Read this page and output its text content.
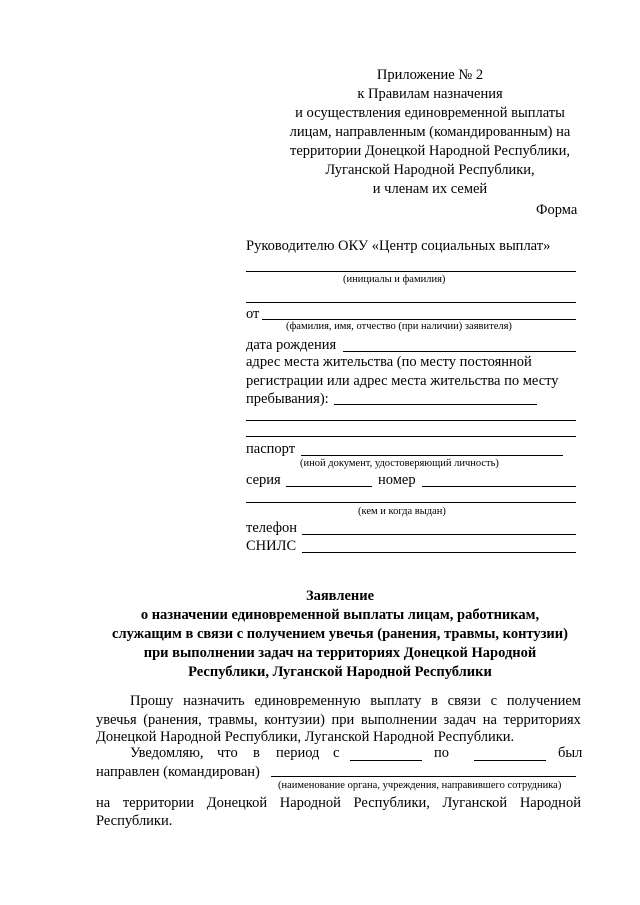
Приложение № 2
к Правилам назначения
и осуществления единовременной выплаты
лицам, направленным (командированным) на
территории Донецкой Народной Республики,
Луганской Народной Республики,
и членам их семей
Форма
Руководителю ОКУ «Центр социальных выплат»
(инициалы и фамилия)
от
(фамилия, имя, отчество (при наличии) заявителя)
дата рождения
адрес места жительства (по месту постоянной
регистрации или адрес места жительства по месту
пребывания):
паспорт
(иной документ, удостоверяющий личность)
серия	номер
(кем и когда выдан)
телефон
СНИЛС
Заявление
о назначении единовременной выплаты лицам, работникам,
служащим в связи с получением увечья (ранения, травмы, контузии)
при выполнении задач на территориях Донецкой Народной
Республики, Луганской Народной Республики
Прошу назначить единовременную выплату в связи с получением
увечья (ранения, травмы, контузии) при выполнении задач на территориях
Донецкой Народной Республики, Луганской Народной Республики.
Уведомляю, что в период с	по	был
направлен (командирован)
(наименование органа, учреждения, направившего сотрудника)
на территории Донецкой Народной Республики, Луганской Народной
Республики.
